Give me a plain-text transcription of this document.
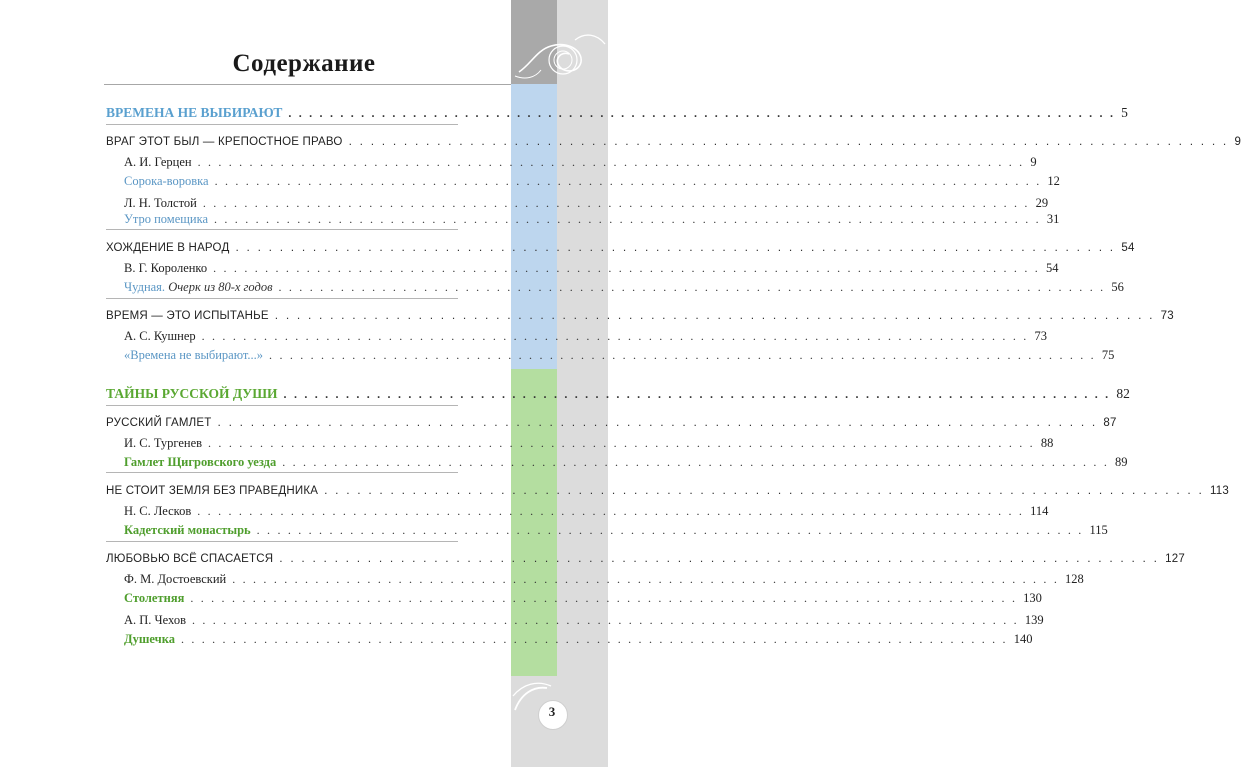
3
Содержание
ВРЕМЕНА НЕ ВЫБИРАЮТ . . . . . . . . . . . . . . . . . . . . . . . . . . . . . . . . . . . . . . . . . . . . . . . . . . . . . . . . . . . . . . . . . . . . . . . . . . . . . . . . 5
ВРАГ ЭТОТ БЫЛ — КРЕПОСТНОЕ ПРАВО . . . . . . . . . . . . . . . . . . . . . . . . . . . . . . . . . . . . . . . . . . . . . . . . . . . . . . . . . . . . . . . . . . . . . . . . . . . . . . . . 9
А. И. Герцен . . . . . . . . . . . . . . . . . . . . . . . . . . . . . . . . . . . . . . . . . . . . . . . . . . . . . . . . . . . . . . . . . . . . . . . . . . . . . . . . 9
Сорока-воровка . . . . . . . . . . . . . . . . . . . . . . . . . . . . . . . . . . . . . . . . . . . . . . . . . . . . . . . . . . . . . . . . . . . . . . . . . . . . . . . . 12
Л. Н. Толстой . . . . . . . . . . . . . . . . . . . . . . . . . . . . . . . . . . . . . . . . . . . . . . . . . . . . . . . . . . . . . . . . . . . . . . . . . . . . . . . . 29
Утро помещика . . . . . . . . . . . . . . . . . . . . . . . . . . . . . . . . . . . . . . . . . . . . . . . . . . . . . . . . . . . . . . . . . . . . . . . . . . . . . . . . 31
ХОЖДЕНИЕ В НАРОД . . . . . . . . . . . . . . . . . . . . . . . . . . . . . . . . . . . . . . . . . . . . . . . . . . . . . . . . . . . . . . . . . . . . . . . . . . . . . . . . 54
В. Г. Короленко . . . . . . . . . . . . . . . . . . . . . . . . . . . . . . . . . . . . . . . . . . . . . . . . . . . . . . . . . . . . . . . . . . . . . . . . . . . . . . . . 54
Чудная. Очерк из 80-х годов . . . . . . . . . . . . . . . . . . . . . . . . . . . . . . . . . . . . . . . . . . . . . . . . . . . . . . . . . . . . . . . . . . . . . . . . . . . . . . . . 56
ВРЕМЯ — ЭТО ИСПЫТАНЬЕ . . . . . . . . . . . . . . . . . . . . . . . . . . . . . . . . . . . . . . . . . . . . . . . . . . . . . . . . . . . . . . . . . . . . . . . . . . . . . . . . 73
А. С. Кушнер . . . . . . . . . . . . . . . . . . . . . . . . . . . . . . . . . . . . . . . . . . . . . . . . . . . . . . . . . . . . . . . . . . . . . . . . . . . . . . . . 73
«Времена не выбирают...» . . . . . . . . . . . . . . . . . . . . . . . . . . . . . . . . . . . . . . . . . . . . . . . . . . . . . . . . . . . . . . . . . . . . . . . . . . . . . . . . 75
ТАЙНЫ РУССКОЙ ДУШИ . . . . . . . . . . . . . . . . . . . . . . . . . . . . . . . . . . . . . . . . . . . . . . . . . . . . . . . . . . . . . . . . . . . . . . . . . . . . . . . . 82
РУССКИЙ ГАМЛЕТ . . . . . . . . . . . . . . . . . . . . . . . . . . . . . . . . . . . . . . . . . . . . . . . . . . . . . . . . . . . . . . . . . . . . . . . . . . . . . . . . 87
И. С. Тургенев . . . . . . . . . . . . . . . . . . . . . . . . . . . . . . . . . . . . . . . . . . . . . . . . . . . . . . . . . . . . . . . . . . . . . . . . . . . . . . . . 88
Гамлет Щигровского уезда . . . . . . . . . . . . . . . . . . . . . . . . . . . . . . . . . . . . . . . . . . . . . . . . . . . . . . . . . . . . . . . . . . . . . . . . . . . . . . . . 89
НЕ СТОИТ ЗЕМЛЯ БЕЗ ПРАВЕДНИКА . . . . . . . . . . . . . . . . . . . . . . . . . . . . . . . . . . . . . . . . . . . . . . . . . . . . . . . . . . . . . . . . . . . . . . . . . . . . . . . . 113
Н. С. Лесков . . . . . . . . . . . . . . . . . . . . . . . . . . . . . . . . . . . . . . . . . . . . . . . . . . . . . . . . . . . . . . . . . . . . . . . . . . . . . . . . 114
Кадетский монастырь . . . . . . . . . . . . . . . . . . . . . . . . . . . . . . . . . . . . . . . . . . . . . . . . . . . . . . . . . . . . . . . . . . . . . . . . . . . . . . . . 115
ЛЮБОВЬЮ ВСЁ СПАСАЕТСЯ . . . . . . . . . . . . . . . . . . . . . . . . . . . . . . . . . . . . . . . . . . . . . . . . . . . . . . . . . . . . . . . . . . . . . . . . . . . . . . . . 127
Ф. М. Достоевский . . . . . . . . . . . . . . . . . . . . . . . . . . . . . . . . . . . . . . . . . . . . . . . . . . . . . . . . . . . . . . . . . . . . . . . . . . . . . . . . 128
Столетняя . . . . . . . . . . . . . . . . . . . . . . . . . . . . . . . . . . . . . . . . . . . . . . . . . . . . . . . . . . . . . . . . . . . . . . . . . . . . . . . . 130
А. П. Чехов . . . . . . . . . . . . . . . . . . . . . . . . . . . . . . . . . . . . . . . . . . . . . . . . . . . . . . . . . . . . . . . . . . . . . . . . . . . . . . . . 139
Душечка . . . . . . . . . . . . . . . . . . . . . . . . . . . . . . . . . . . . . . . . . . . . . . . . . . . . . . . . . . . . . . . . . . . . . . . . . . . . . . . . 140
